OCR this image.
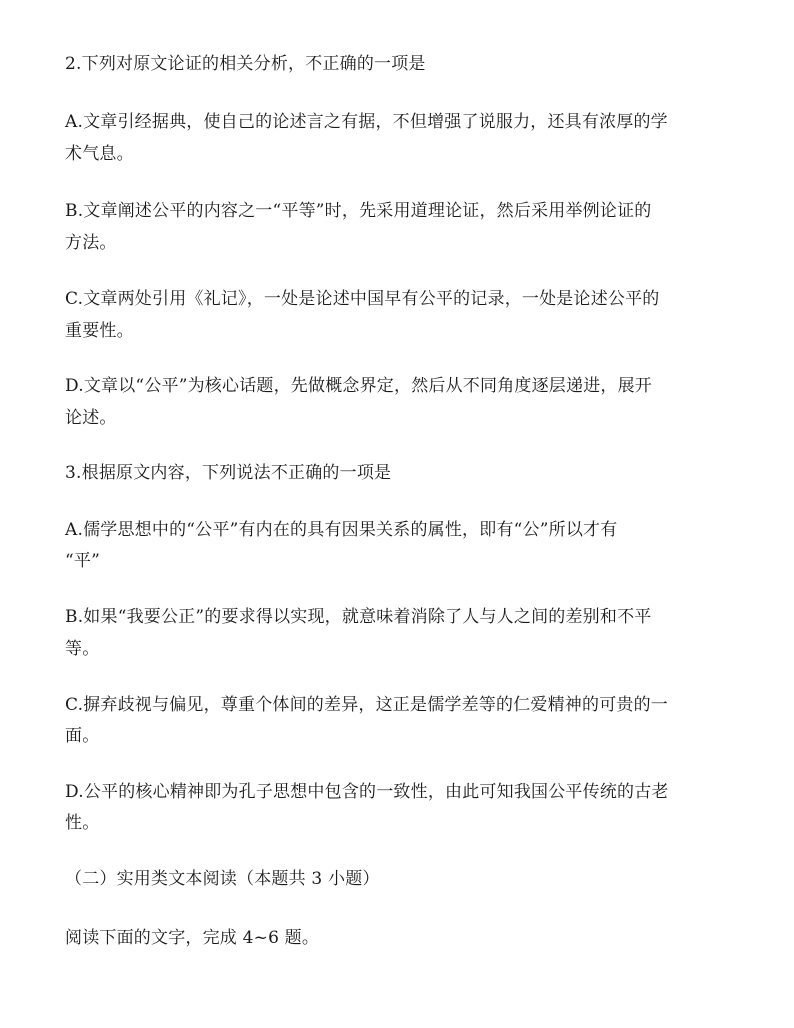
2.下列对原文论证的相关分析，不正确的一项是
A.文章引经据典，使自己的论述言之有据，不但增强了说服力，还具有浓厚的学
术气息。
B.文章阐述公平的内容之一“平等”时，先采用道理论证，然后采用举例论证的
方法。
C.文章两处引用《礼记》，一处是论述中国早有公平的记录，一处是论述公平的
重要性。
D.文章以“公平”为核心话题，先做概念界定，然后从不同角度逐层递进，展开
论述。
3.根据原文内容，下列说法不正确的一项是
A.儒学思想中的“公平”有内在的具有因果关系的属性，即有“公”所以才有
“平”
B.如果“我要公正”的要求得以实现，就意味着消除了人与人之间的差别和不平
等。
C.摒弃歧视与偏见，尊重个体间的差异，这正是儒学差等的仁爱精神的可贵的一
面。
D.公平的核心精神即为孔子思想中包含的一致性，由此可知我国公平传统的古老
性。
（二）实用类文本阅读（本题共 3 小题）
阅读下面的文字，完成 4~6 题。
